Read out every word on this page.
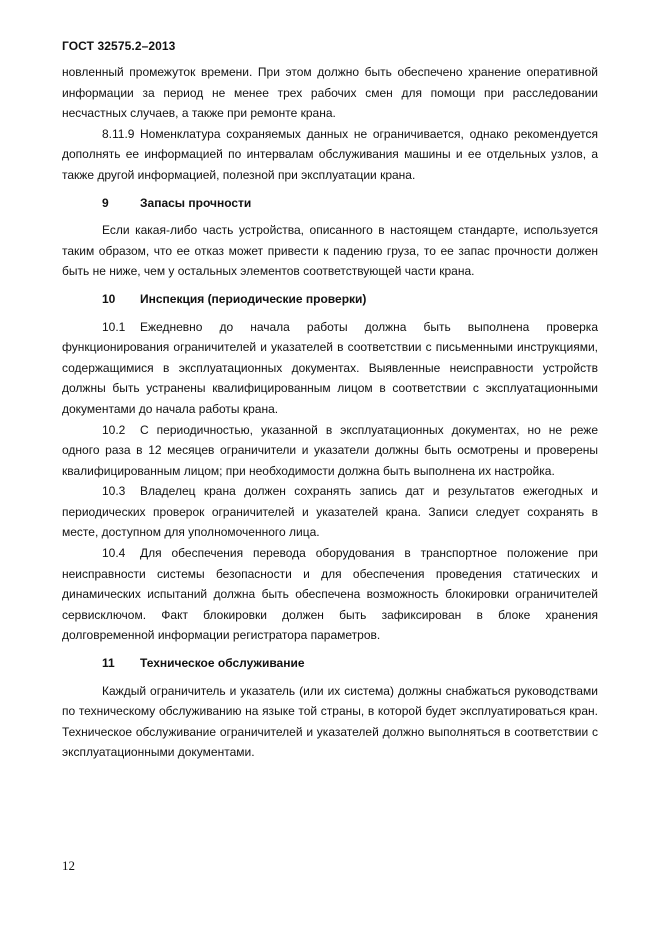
ГОСТ 32575.2–2013

новленный промежуток времени. При этом должно быть обеспечено хранение оперативной информации за период не менее трех рабочих смен для помощи при расследовании несчастных случаев, а также при ремонте крана.

8.11.9 Номенклатура сохраняемых данных не ограничивается, однако рекомендуется дополнять ее информацией по интервалам обслуживания машины и ее отдельных узлов, а также другой информацией, полезной при эксплуатации крана.

9	Запасы прочности

Если какая-либо часть устройства, описанного в настоящем стандарте, используется таким образом, что ее отказ может привести к падению груза, то ее запас прочности должен быть не ниже, чем у остальных элементов соответствующей части крана.

10 Инспекция (периодические проверки)

10.1 Ежедневно до начала работы должна быть выполнена проверка функционирования ограничителей и указателей в соответствии с письменными инструкциями, содержащимися в эксплуатационных документах. Выявленные неисправности устройств должны быть устранены квалифицированным лицом в соответствии с эксплуатационными документами до начала работы крана.

10.2 С периодичностью, указанной в эксплуатационных документах, но не реже одного раза в 12 месяцев ограничители и указатели должны быть осмотрены и проверены квалифицированным лицом; при необходимости должна быть выполнена их настройка.

10.3 Владелец крана должен сохранять запись дат и результатов ежегодных и периодических проверок ограничителей и указателей крана. Записи следует сохранять в месте, доступном для уполномоченного лица.

10.4 Для обеспечения перевода оборудования в транспортное положение при неисправности системы безопасности и для обеспечения проведения статических и динамических испытаний должна быть обеспечена возможность блокировки ограничителей сервисключом. Факт блокировки должен быть зафиксирован в блоке хранения долговременной информации регистратора параметров.

11 Техническое обслуживание

Каждый ограничитель и указатель (или их система) должны снабжаться руководствами по техническому обслуживанию на языке той страны, в которой будет эксплуатироваться кран. Техническое обслуживание ограничителей и указателей должно выполняться в соответствии с эксплуатационными документами.

12
